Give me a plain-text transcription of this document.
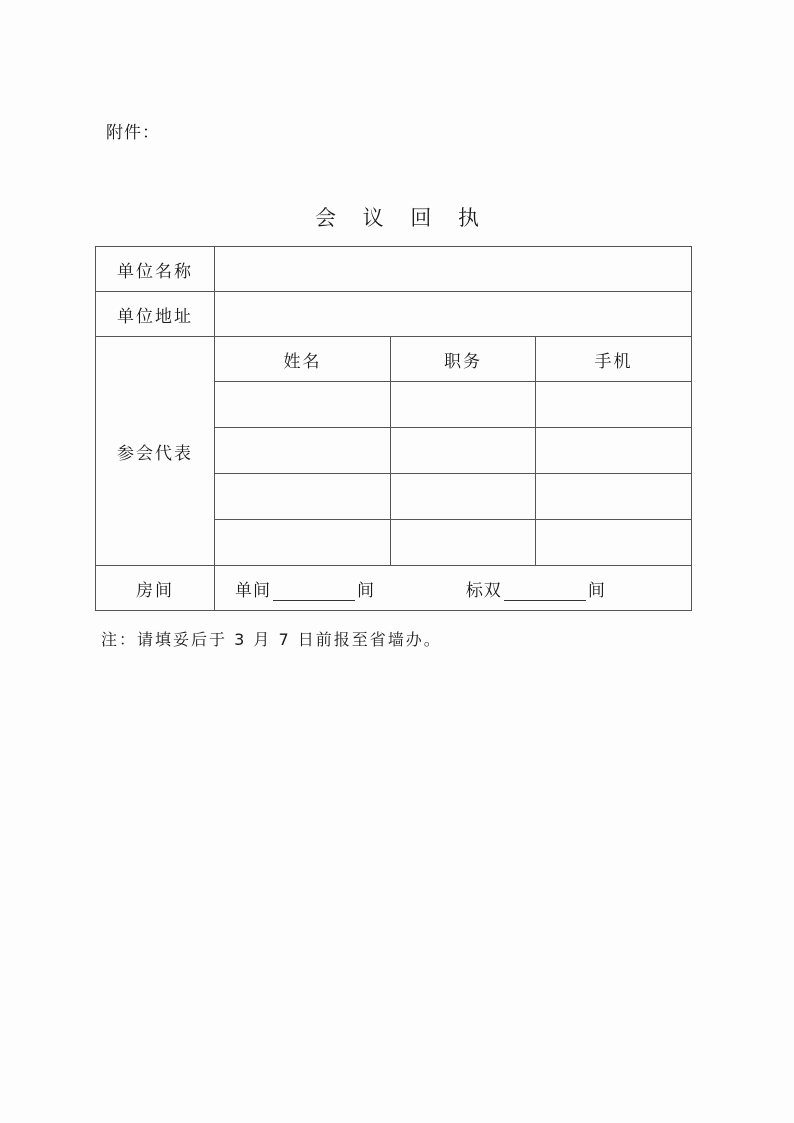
附件：
会 议 回 执
单位名称			
单位地址			
参会代表	姓名	职务	手机

房间	单间 间 标双 间		
注：请填妥后于 3 月 7 日前报至省墙办。
